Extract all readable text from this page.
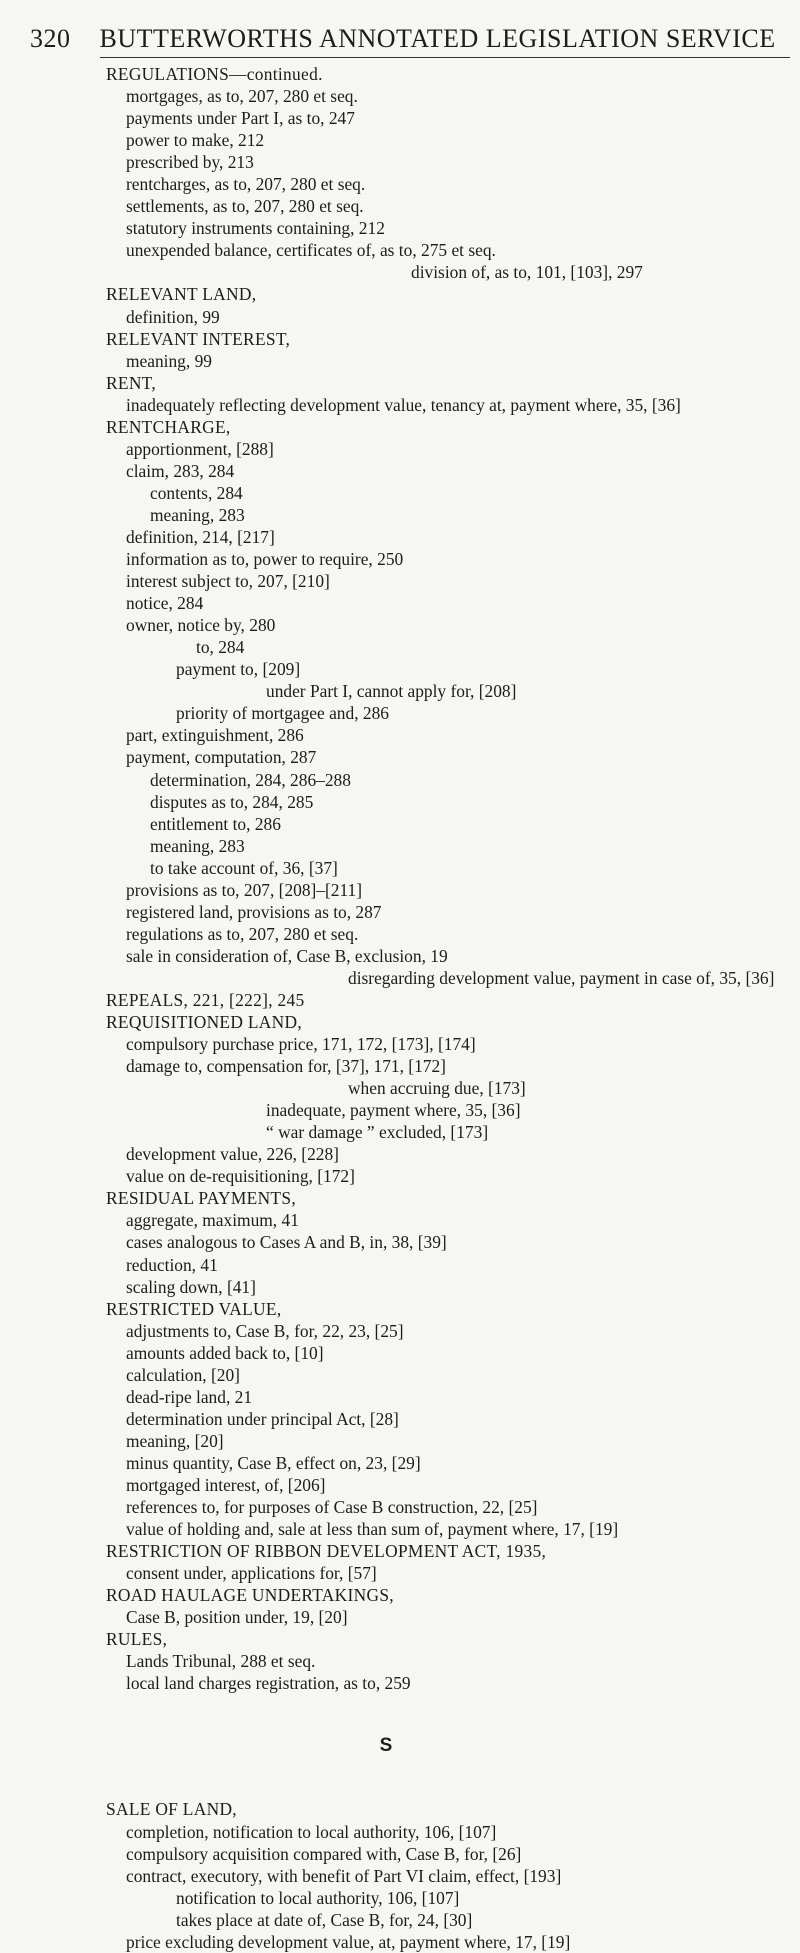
320 BUTTERWORTHS ANNOTATED LEGISLATION SERVICE
REGULATIONS—continued.
mortgages, as to, 207, 280 et seq.
payments under Part I, as to, 247
power to make, 212
prescribed by, 213
rentcharges, as to, 207, 280 et seq.
settlements, as to, 207, 280 et seq.
statutory instruments containing, 212
unexpended balance, certificates of, as to, 275 et seq.
division of, as to, 101, [103], 297
RELEVANT LAND,
definition, 99
RELEVANT INTEREST,
meaning, 99
RENT,
inadequately reflecting development value, tenancy at, payment where, 35, [36]
RENTCHARGE,
apportionment, [288]
claim, 283, 284
contents, 284
meaning, 283
definition, 214, [217]
information as to, power to require, 250
interest subject to, 207, [210]
notice, 284
owner, notice by, 280
to, 284
payment to, [209]
under Part I, cannot apply for, [208]
priority of mortgagee and, 286
part, extinguishment, 286
payment, computation, 287
determination, 284, 286–288
disputes as to, 284, 285
entitlement to, 286
meaning, 283
to take account of, 36, [37]
provisions as to, 207, [208]–[211]
registered land, provisions as to, 287
regulations as to, 207, 280 et seq.
sale in consideration of, Case B, exclusion, 19
disregarding development value, payment in case of, 35, [36]
REPEALS, 221, [222], 245
REQUISITIONED LAND,
compulsory purchase price, 171, 172, [173], [174]
damage to, compensation for, [37], 171, [172]
when accruing due, [173]
inadequate, payment where, 35, [36]
“ war damage ” excluded, [173]
development value, 226, [228]
value on de-requisitioning, [172]
RESIDUAL PAYMENTS,
aggregate, maximum, 41
cases analogous to Cases A and B, in, 38, [39]
reduction, 41
scaling down, [41]
RESTRICTED VALUE,
adjustments to, Case B, for, 22, 23, [25]
amounts added back to, [10]
calculation, [20]
dead-ripe land, 21
determination under principal Act, [28]
meaning, [20]
minus quantity, Case B, effect on, 23, [29]
mortgaged interest, of, [206]
references to, for purposes of Case B construction, 22, [25]
value of holding and, sale at less than sum of, payment where, 17, [19]
RESTRICTION OF RIBBON DEVELOPMENT ACT, 1935,
consent under, applications for, [57]
ROAD HAULAGE UNDERTAKINGS,
Case B, position under, 19, [20]
RULES,
Lands Tribunal, 288 et seq.
local land charges registration, as to, 259
S
SALE OF LAND,
completion, notification to local authority, 106, [107]
compulsory acquisition compared with, Case B, for, [26]
contract, executory, with benefit of Part VI claim, effect, [193]
notification to local authority, 106, [107]
takes place at date of, Case B, for, 24, [30]
price excluding development value, at, payment where, 17, [19]
